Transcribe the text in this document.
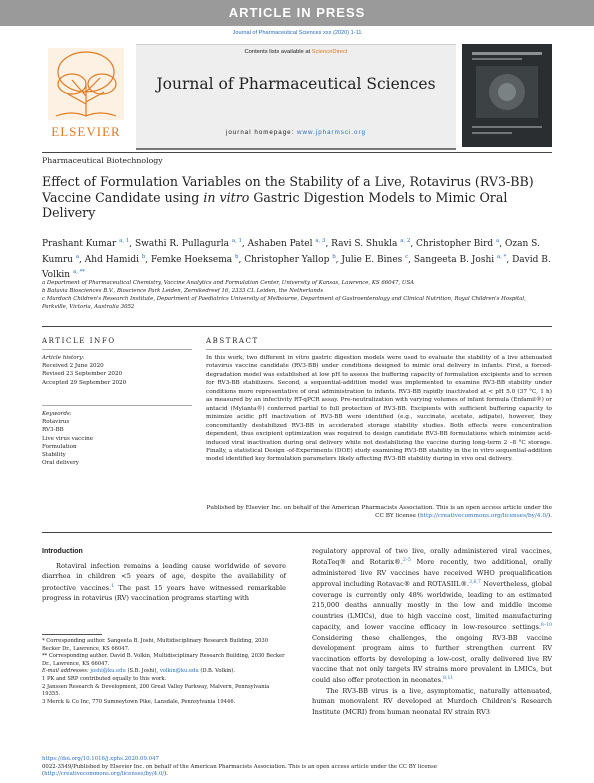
ARTICLE IN PRESS
Journal of Pharmaceutical Sciences xxx (2020) 1-11
ELSEVIER
Contents lists available at ScienceDirect
Journal of Pharmaceutical Sciences
journal homepage: www.jpharmsci.org
Pharmaceutical Biotechnology
Effect of Formulation Variables on the Stability of a Live, Rotavirus (RV3-BB) Vaccine Candidate using in vitro Gastric Digestion Models to Mimic Oral Delivery
Prashant Kumar $^{a, 1}$, Swathi R. Pullagurla $^{a, 1}$, Ashaben Patel $^{a, 3}$, Ravi S. Shukla $^{a, 2}$, Christopher Bird $^a$, Ozan S. Kumru $^a$, Ahd Hamidi $^b$, Femke Hoeksema $^b$, Christopher Yallop $^b$, Julie E. Bines $^c$, Sangeeta B. Joshi $^{a, *}$, David B. Volkin $^{a, **}$
a Department of Pharmaceutical Chemistry, Vaccine Analytics and Formulation Center, University of Kansas, Lawrence, KS 66047, USA
b Batavia Biosciences B.V., Bioscience Park Leiden, Zernikedreef 16, 2333 CL Leiden, the Netherlands
c Murdoch Children's Research Institute, Department of Paediatrics University of Melbourne, Department of Gastroenterology and Clinical Nutrition, Royal Children's Hospital, Parkville, Victoria, Australia 3052
ARTICLE INFO	ABSTRACT
Article history:
Received 2 June 2020
Revised 23 September 2020
Accepted 29 September 2020
Keywords:
Rotavirus
RV3-BB
Live virus vaccine
Formulation
Stability
Oral delivery
In this work, two different in vitro gastric digestion models were used to evaluate the stability of a live attenuated rotavirus vaccine candidate (RV3-BB) under conditions designed to mimic oral delivery in infants. First, a forced-degradation model was established at low pH to assess the buffering capacity of formulation excipients and to screen for RV3-BB stabilizers. Second, a sequential-addition model was implemented to examine RV3-BB stability under conditions more representative of oral administration to infants. RV3-BB rapidly inactivated at < pH 5.0 (37 °C, 1 h) as measured by an infectivity RT-qPCR assay. Pre-neutralization with varying volumes of infant formula (Enfamil®) or antacid (Mylanta®) conferred partial to full protection of RV3-BB. Excipients with sufficient buffering capacity to minimize acidic pH inactivation of RV3-BB were identified (e.g., succinate, acetate, adipate), however, they concomitantly destabilized RV3-BB in accelerated storage stability studies. Both effects were concentration dependent, thus excipient optimization was required to design candidate RV3-BB formulations which minimize acid-induced viral inactivation during oral delivery while not destabilizing the vaccine during long-term 2 –8 °C storage. Finally, a statistical Design -of-Experiments (DOE) study examining RV3-BB stability in the in vitro sequential-addition model identified key formulation parameters likely affecting RV3-BB stability during in vivo oral delivery.
Published by Elsevier Inc. on behalf of the American Pharmacists Association. This is an open access article under the CC BY license (http://creativecommons.org/licenses/by/4.0/).
Introduction
Rotaviral infection remains a leading cause worldwide of severe diarrhea in children <5 years of age, despite the availability of protective vaccines.$^1$ The past 15 years have witnessed remarkable progress in rotavirus (RV) vaccination programs starting with

regulatory approval of two live, orally administered viral vaccines, RotaTeq® and Rotarix®.$^{2-5}$ More recently, two additional, orally administered live RV vaccines have received WHO prequalification approval including Rotavac® and ROTASIIL®.$^{3,6,7}$ Nevertheless, global coverage is currently only 48% worldwide, leading to an estimated 215,000 deaths annually mostly in the low and middle income countries (LMICs), due to high vaccine cost, limited manufacturing capacity, and lower vaccine efficacy in low-resource settings.$^{8-10}$ Considering these challenges, the ongoing RV3-BB vaccine development program aims to further strengthen current RV vaccination efforts by developing a low-cost, orally delivered live RV vaccine that not only targets RV strains more prevalent in LMICs, but could also offer protection in neonates.$^{8,11}$

The RV3-BB virus is a live, asymptomatic, naturally attenuated, human monovalent RV developed at Murdoch Children's Research Institute (MCRI) from human neonatal RV strain RV3

* Corresponding author. Sangeeta B. Joshi, Multidisciplinary Research Building, 2030 Becker Dr., Lawrence, KS 66047.
** Corresponding author. David B. Volkin, Multidisciplinary Research Building, 2030 Becker Dr., Lawrence, KS 66047.
E-mail addresses: joshi@ku.edu (S.B. Joshi), volkin@ku.edu (D.B. Volkin).
1 PK and SRP contributed equally to this work.
2 Janssen Research & Development, 200 Great Valley Parkway, Malvern, Pennsylvania 19355.
3 Merck & Co Inc, 770 Sumneytown Pike, Lansdale, Pennsylvania 19446.
https://doi.org/10.1016/j.xphs.2020.09.047
0022-3549/Published by Elsevier Inc. on behalf of the American Pharmacists Association. This is an open access article under the CC BY license (http://creativecommons.org/licenses/by/4.0/).
